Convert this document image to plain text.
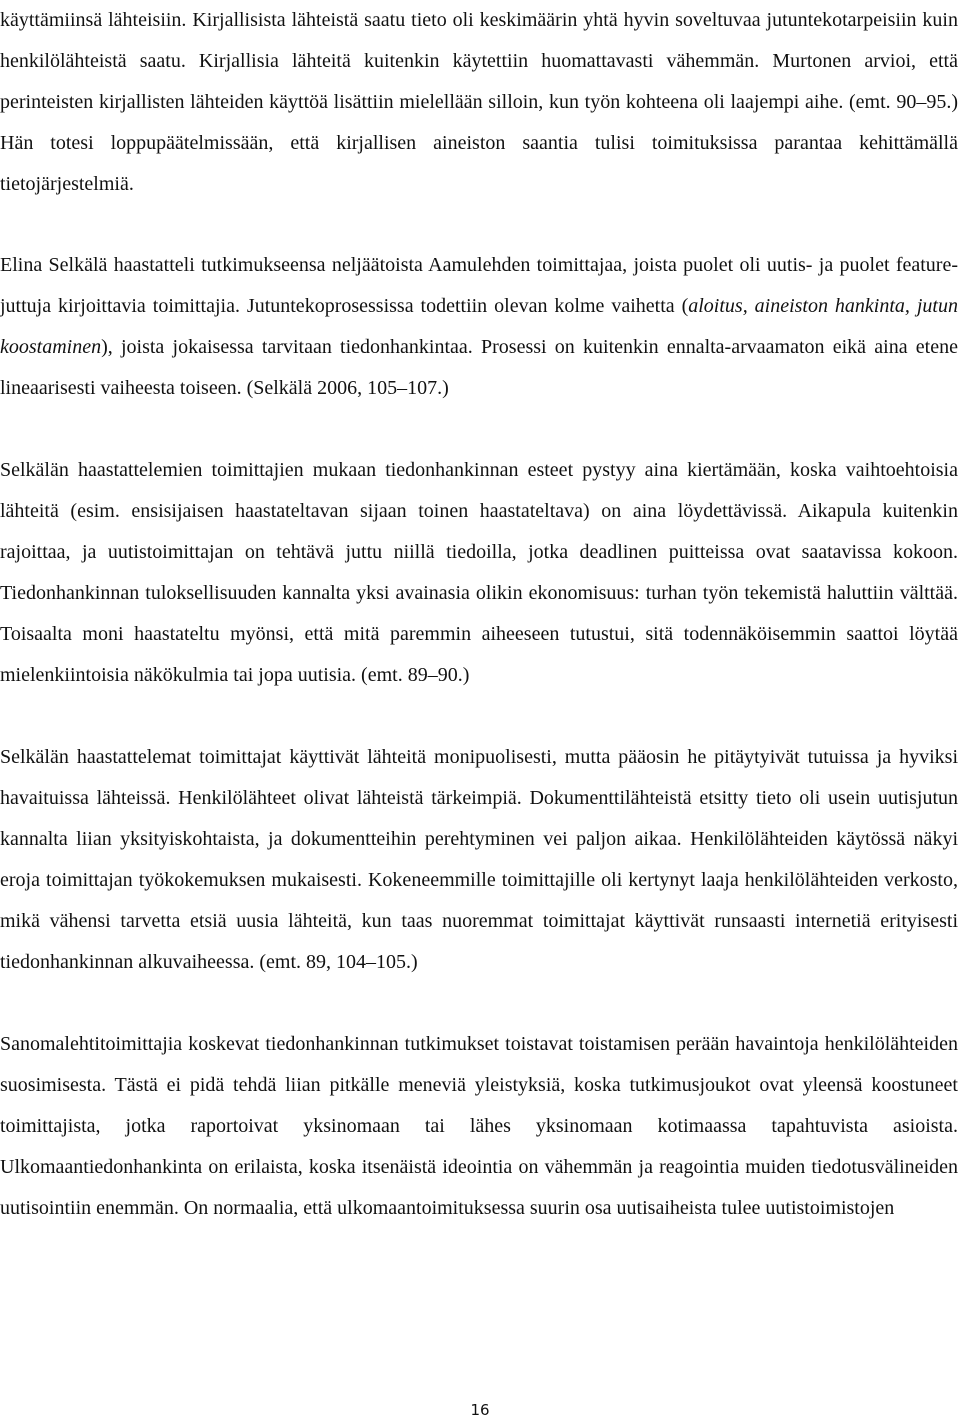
käyttämiinsä lähteisiin. Kirjallisista lähteistä saatu tieto oli keskimäärin yhtä hyvin soveltuvaa jutuntekotarpeisiin kuin henkilölähteistä saatu. Kirjallisia lähteitä kuitenkin käytettiin huomattavasti vähemmän. Murtonen arvioi, että perinteisten kirjallisten lähteiden käyttöä lisättiin mielellään silloin, kun työn kohteena oli laajempi aihe. (emt. 90–95.) Hän totesi loppupäätelmissään, että kirjallisen aineiston saantia tulisi toimituksissa parantaa kehittämällä tietojärjestelmiä.

Elina Selkälä haastatteli tutkimukseensa neljäätoista Aamulehden toimittajaa, joista puolet oli uutis- ja puolet feature-juttuja kirjoittavia toimittajia. Jutuntekoprosessissa todettiin olevan kolme vaihetta (aloitus, aineiston hankinta, jutun koostaminen), joista jokaisessa tarvitaan tiedonhankintaa. Prosessi on kuitenkin ennalta-arvaamaton eikä aina etene lineaarisesti vaiheesta toiseen. (Selkälä 2006, 105–107.)

Selkälän haastattelemien toimittajien mukaan tiedonhankinnan esteet pystyy aina kiertämään, koska vaihtoehtoisia lähteitä (esim. ensisijaisen haastateltavan sijaan toinen haastateltava) on aina löydettävissä. Aikapula kuitenkin rajoittaa, ja uutistoimittajan on tehtävä juttu niillä tiedoilla, jotka deadlinen puitteissa ovat saatavissa kokoon. Tiedonhankinnan tuloksellisuuden kannalta yksi avainasia olikin ekonomisuus: turhan työn tekemistä haluttiin välttää. Toisaalta moni haastateltu myönsi, että mitä paremmin aiheeseen tutustui, sitä todennäköisemmin saattoi löytää mielenkiintoisia näkökulmia tai jopa uutisia. (emt. 89–90.)

Selkälän haastattelemat toimittajat käyttivät lähteitä monipuolisesti, mutta pääosin he pitäytyivät tutuissa ja hyviksi havaituissa lähteissä. Henkilölähteet olivat lähteistä tärkeimpiä. Dokumenttilähteistä etsitty tieto oli usein uutisjutun kannalta liian yksityiskohtaista, ja dokumentteihin perehtyminen vei paljon aikaa. Henkilölähteiden käytössä näkyi eroja toimittajan työkokemuksen mukaisesti. Kokeneemmille toimittajille oli kertynyt laaja henkilölähteiden verkosto, mikä vähensi tarvetta etsiä uusia lähteitä, kun taas nuoremmat toimittajat käyttivät runsaasti internetiä erityisesti tiedonhankinnan alkuvaiheessa. (emt. 89, 104–105.)

Sanomalehtitoimittajia koskevat tiedonhankinnan tutkimukset toistavat toistamisen perään havaintoja henkilölähteiden suosimisesta. Tästä ei pidä tehdä liian pitkälle meneviä yleistyksiä, koska tutkimusjoukot ovat yleensä koostuneet toimittajista, jotka raportoivat yksinomaan tai lähes yksinomaan kotimaassa tapahtuvista asioista. Ulkomaantiedonhankinta on erilaista, koska itsenäistä ideointia on vähemmän ja reagointia muiden tiedotusvälineiden uutisointiin enemmän. On normaalia, että ulkomaantoimituksessa suurin osa uutisaiheista tulee uutistoimistojen

16
